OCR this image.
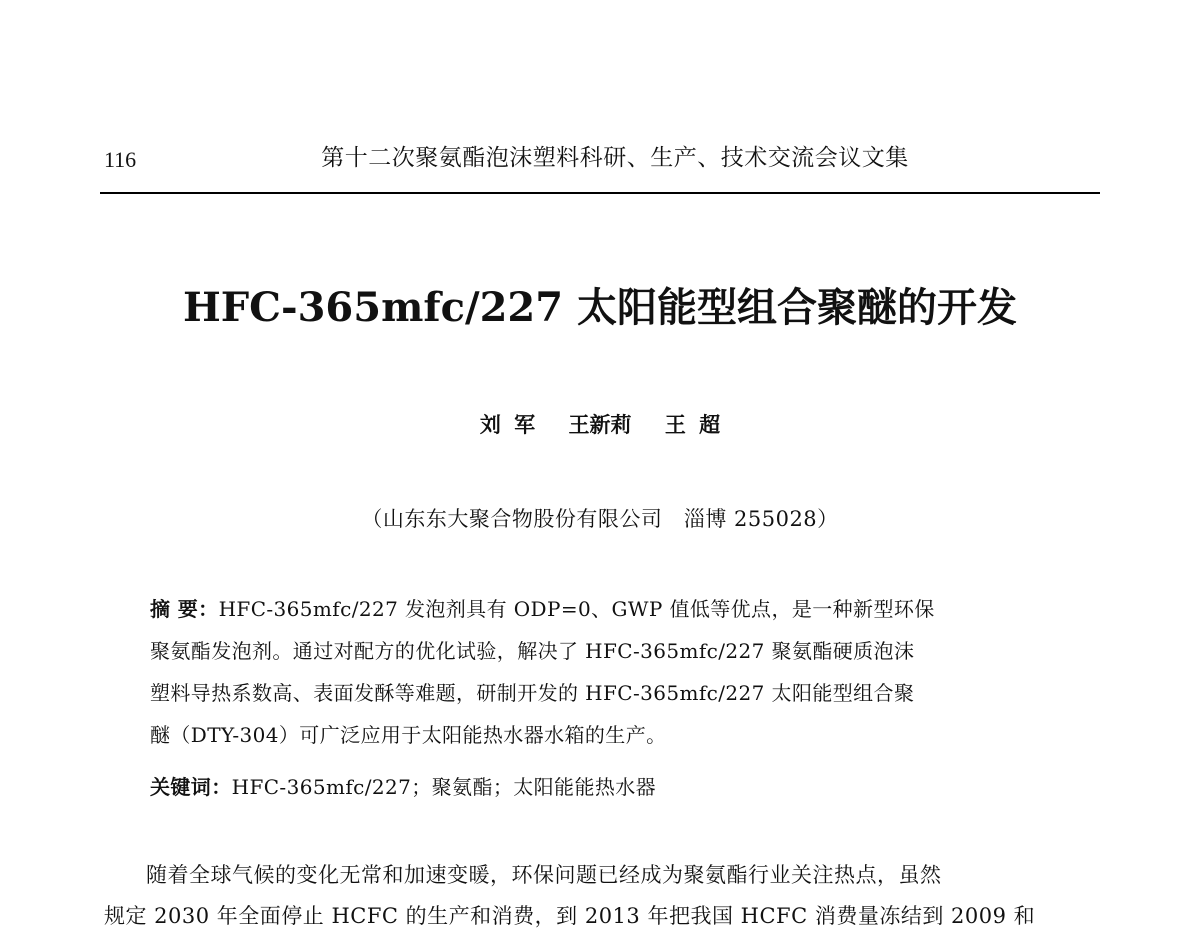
116	第十二次聚氨酯泡沫塑料科研、生产、技术交流会议文集
HFC-365mfc/227 太阳能型组合聚醚的开发
刘 军 王新莉 王 超
（山东东大聚合物股份有限公司　淄博 255028）
摘 要：HFC-365mfc/227 发泡剂具有 ODP=0、GWP 值低等优点，是一种新型环保
聚氨酯发泡剂。通过对配方的优化试验，解决了 HFC-365mfc/227 聚氨酯硬质泡沫
塑料导热系数高、表面发酥等难题，研制开发的 HFC-365mfc/227 太阳能型组合聚
醚（DTY-304）可广泛应用于太阳能热水器水箱的生产。
关键词：HFC-365mfc/227；聚氨酯；太阳能能热水器
随着全球气候的变化无常和加速变暖，环保问题已经成为聚氨酯行业关注热点，虽然
规定 2030 年全面停止 HCFC 的生产和消费，到 2013 年把我国 HCFC 消费量冻结到 2009 和
